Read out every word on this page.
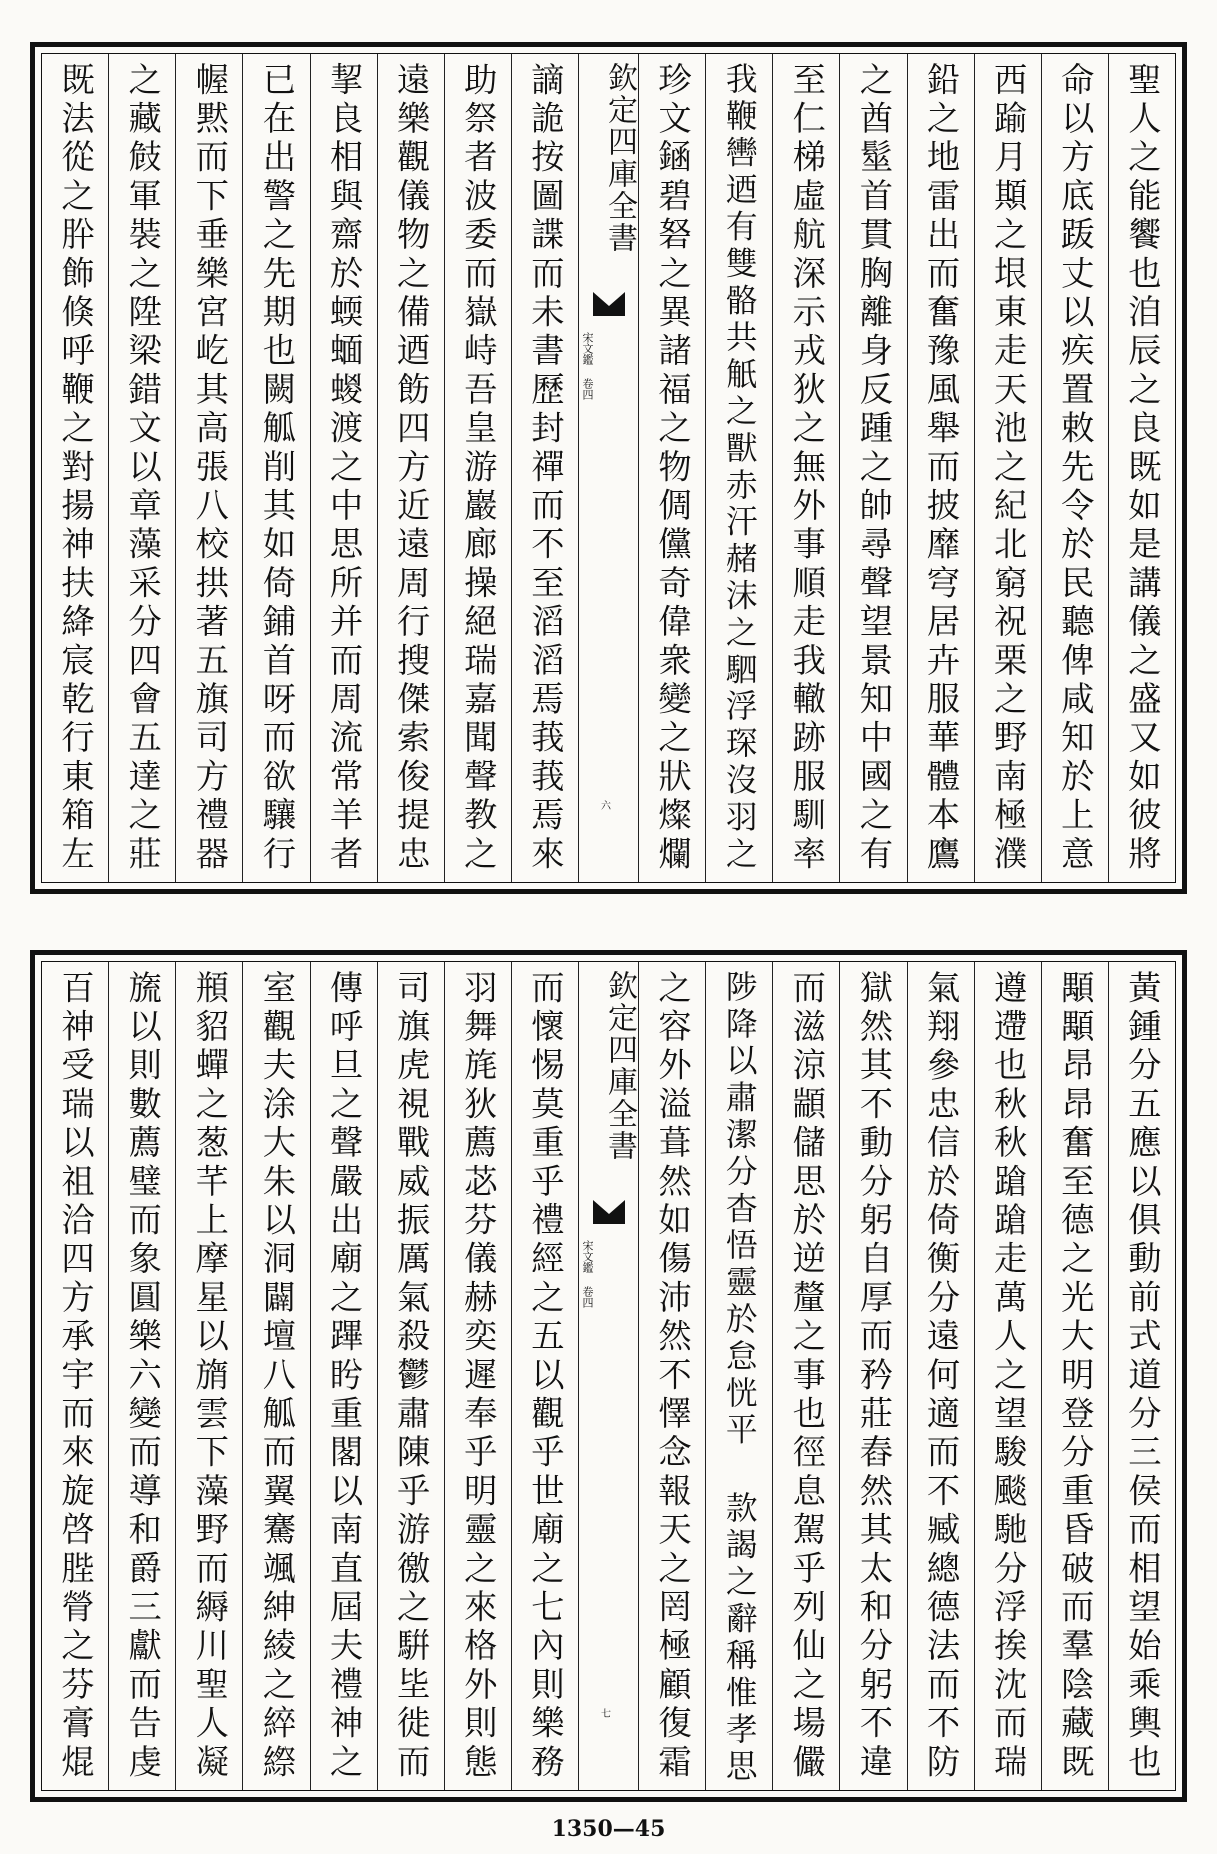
聖人之能饗也洎辰之良既如是講儀之盛又如彼將
命以方底䟦丈以疾置敕先令於民聽俾咸知於上意
西踰月䫏之垠東走天池之紀北窮祝栗之野南極濮
鉛之地雷出而奮豫風舉而披靡穹居卉服華體本鷹
之酋髽首貫胸離身反踵之帥尋聲望景知中國之有
至仁梯虛航深示戎狄之無外事順走我轍跡服馴率
我鞭轡迺有雙骼共觗之獸赤汗赭沫之駟浮琛沒羽之
珍文䤴碧砮之異諸福之物倜儻奇偉衆變之狀燦爛
欽定四庫全書
宋文鑑 卷四
六
謫詭按圖諜而未書歷封禪而不至滔滔焉莪莪焉來
助祭者波委而嶽峙吾皇游巖廊操絕瑞嘉聞聲教之
遠樂觀儀物之備迺飭四方近遠周行搜傑索俊提忠
挈良相與齋於蝡蝒蝬渡之中思所并而周流常羊者
已在出警之先期也闕觚削其如倚鋪首呀而欲驤行
幄黙而下垂樂宮屹其高張八校拱著五旗司方禮器
之藏㩻軍裝之陞梁錯文以章藻采分四會五達之莊
既法從之肸飾倏呼鞭之對揚神扶絳宸乾行東箱左
黃鍾分五應以俱動前式道分三侯而相望始乘輿也
顒顒昂昂奮至德之光大明登分重昏破而羣陰藏既
遵遰也秋秋蹌蹌走萬人之望駿颷馳分浮挨沈而瑞
氣翔參忠信於倚衡分遠何適而不臧總德法而不防
獄然其不動分躬自厚而矜莊舂然其太和分躬不違
而滋涼顓儲思於逆釐之事也徑息駕乎列仙之場儼
陟降以肅潔分杳悟靈於怠恍平 款謁之辭稱惟孝思
之容外溢葺然如傷沛然不懌念報天之罔極顧復霜
欽定四庫全書
宋文鑑 卷四
七
而懷惕莫重乎禮經之五以觀乎世廟之七內則樂務
羽舞旄狄薦苾芬儀赫奕遲奉乎明靈之來格外則態
司旗虎視戰威振厲氣殺鬱肅陳乎游徼之騈坒徙而
傳呼旦之聲嚴出廟之蹕盻重閣以南直屆夫禮神之
室觀夫涂大朱以洞闢壇八觚而翼騫颯紳綾之綷縩
頩貂蟬之葱芊上摩星以旓雲下藻野而縟川聖人凝
旒以則數薦璧而象圓樂六變而導和爵三獻而告虔
百神受瑞以祖洽四方承宇而來旋啓䏶膋之芬膏焜
1350—45
